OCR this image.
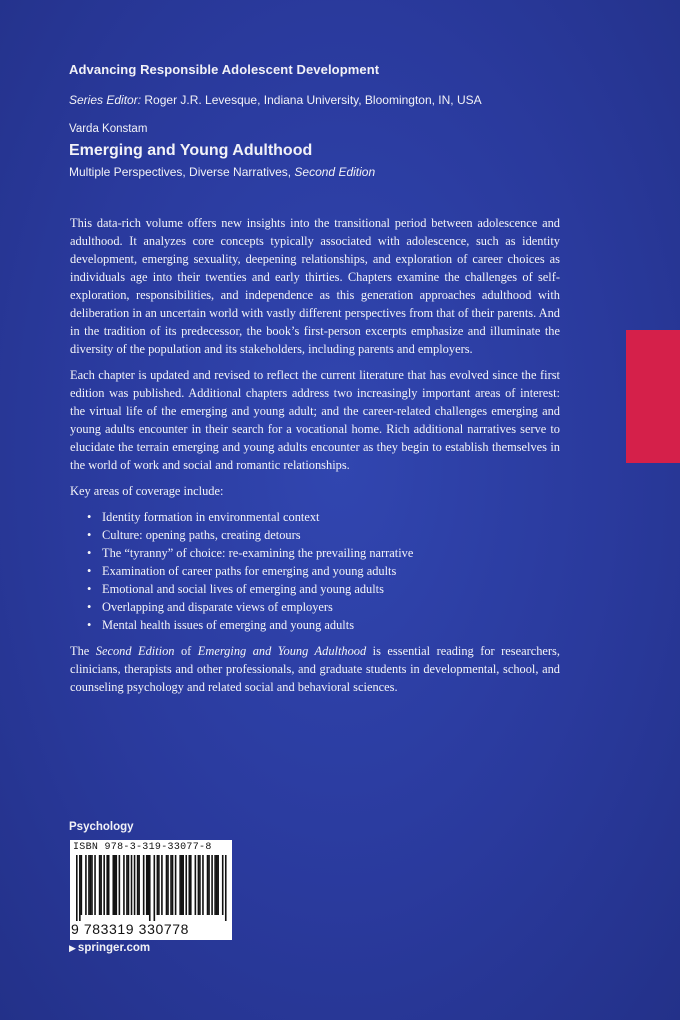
Advancing Responsible Adolescent Development
Series Editor: Roger J.R. Levesque, Indiana University, Bloomington, IN, USA
Varda Konstam
Emerging and Young Adulthood
Multiple Perspectives, Diverse Narratives, Second Edition

This data-rich volume offers new insights into the transitional period between adolescence and adulthood. It analyzes core concepts typically associated with adolescence, such as identity development, emerging sexuality, deepening relationships, and exploration of career choices as individuals age into their twenties and early thirties. Chapters examine the challenges of self-exploration, responsibilities, and independence as this generation approaches adulthood with deliberation in an uncertain world with vastly different perspectives from that of their parents. And in the tradition of its predecessor, the book’s first-person excerpts emphasize and illuminate the diversity of the population and its stakeholders, including parents and employers.

Each chapter is updated and revised to reflect the current literature that has evolved since the first edition was published. Additional chapters address two increasingly important areas of interest: the virtual life of the emerging and young adult; and the career-related challenges emerging and young adults encounter in their search for a vocational home. Rich additional narratives serve to elucidate the terrain emerging and young adults encounter as they begin to establish themselves in the world of work and social and romantic relationships.

Key areas of coverage include:

• Identity formation in environmental context
• Culture: opening paths, creating detours
• The “tyranny” of choice: re-examining the prevailing narrative
• Examination of career paths for emerging and young adults
• Emotional and social lives of emerging and young adults
• Overlapping and disparate views of employers
• Mental health issues of emerging and young adults

The Second Edition of Emerging and Young Adulthood is essential reading for researchers, clinicians, therapists and other professionals, and graduate students in developmental, school, and counseling psychology and related social and behavioral sciences.

Psychology
ISBN 978-3-319-33077-8
9 783319 330778
▶ springer.com
